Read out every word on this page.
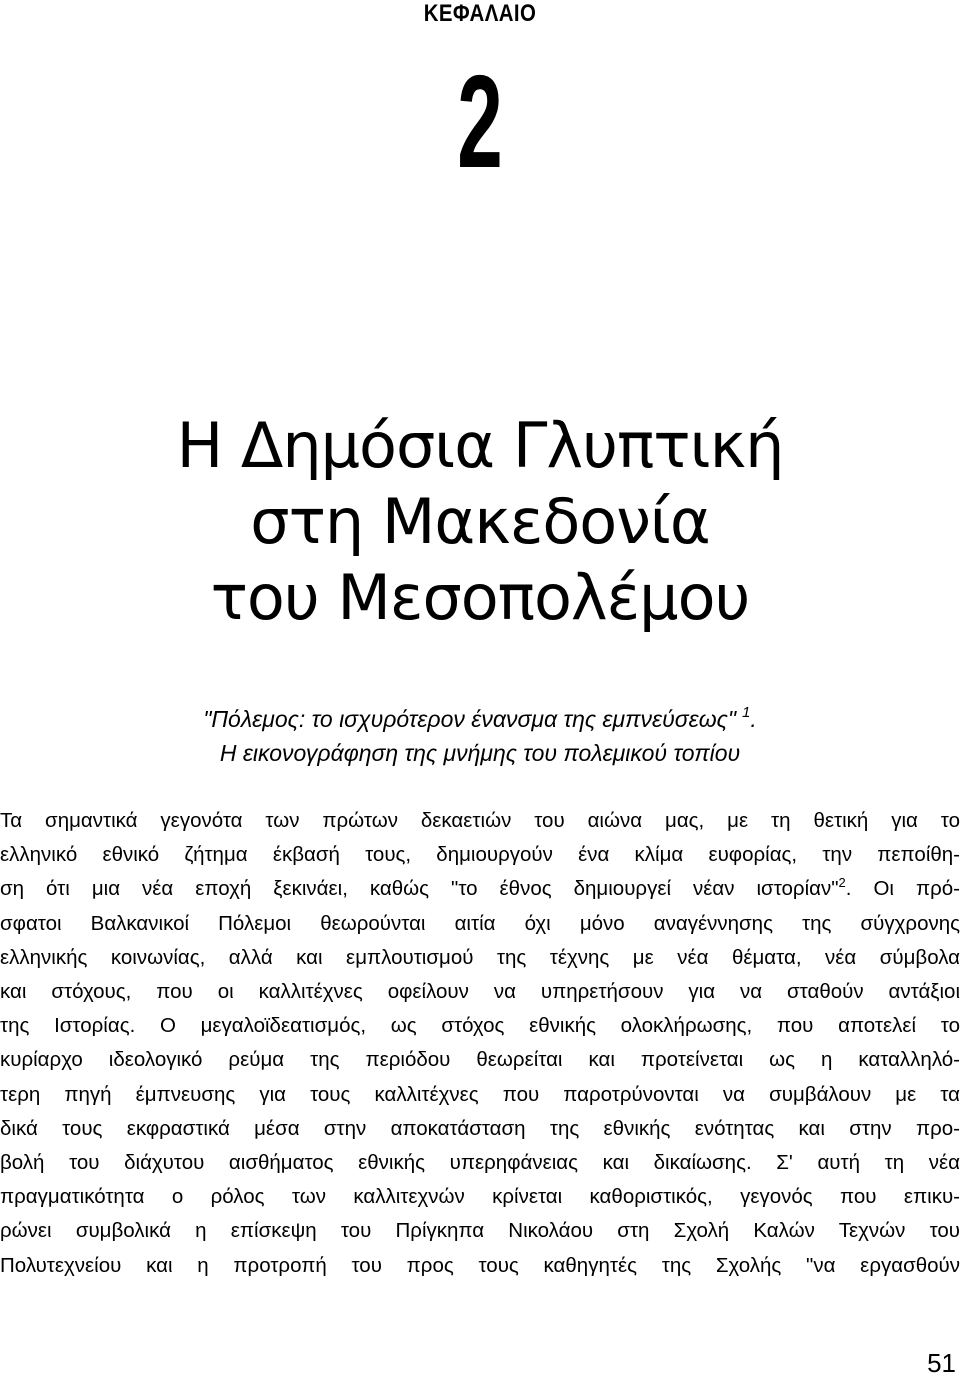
ΚΕΦΑΛΑΙΟ
2
Η Δημόσια Γλυπτική
στη Μακεδονία
του Μεσοπολέμου
"Πόλεμος: το ισχυρότερον ένανσμα της εμπνεύσεως" $^1$.
Η εικονογράφηση της μνήμης του πολεμικού τοπίου
Τα σημαντικά γεγονότα των πρώτων δεκαετιών του αιώνα μας, με τη θετική για το
ελληνικό εθνικό ζήτημα έκβασή τους, δημιουργούν ένα κλίμα ευφορίας, την πεποίθη-
ση ότι μια νέα εποχή ξεκινάει, καθώς "το έθνος δημιουργεί νέαν ιστορίαν"$^2$. Οι πρό-
σφατοι Βαλκανικοί Πόλεμοι θεωρούνται αιτία όχι μόνο αναγέννησης της σύγχρονης
ελληνικής κοινωνίας, αλλά και εμπλουτισμού της τέχνης με νέα θέματα, νέα σύμβολα
και στόχους, που οι καλλιτέχνες οφείλουν να υπηρετήσουν για να σταθούν αντάξιοι
της Ιστορίας. Ο μεγαλοϊδεατισμός, ως στόχος εθνικής ολοκλήρωσης, που αποτελεί το
κυρίαρχο ιδεολογικό ρεύμα της περιόδου θεωρείται και προτείνεται ως η καταλληλό-
τερη πηγή έμπνευσης για τους καλλιτέχνες που παροτρύνονται να συμβάλουν με τα
δικά τους εκφραστικά μέσα στην αποκατάσταση της εθνικής ενότητας και στην προ-
βολή του διάχυτου αισθήματος εθνικής υπερηφάνειας και δικαίωσης. Σ' αυτή τη νέα
πραγματικότητα ο ρόλος των καλλιτεχνών κρίνεται καθοριστικός, γεγονός που επικυ-
ρώνει συμβολικά η επίσκεψη του Πρίγκηπα Νικολάου στη Σχολή Καλών Τεχνών του
Πολυτεχνείου και η προτροπή του προς τους καθηγητές της Σχολής "να εργασθούν
51
